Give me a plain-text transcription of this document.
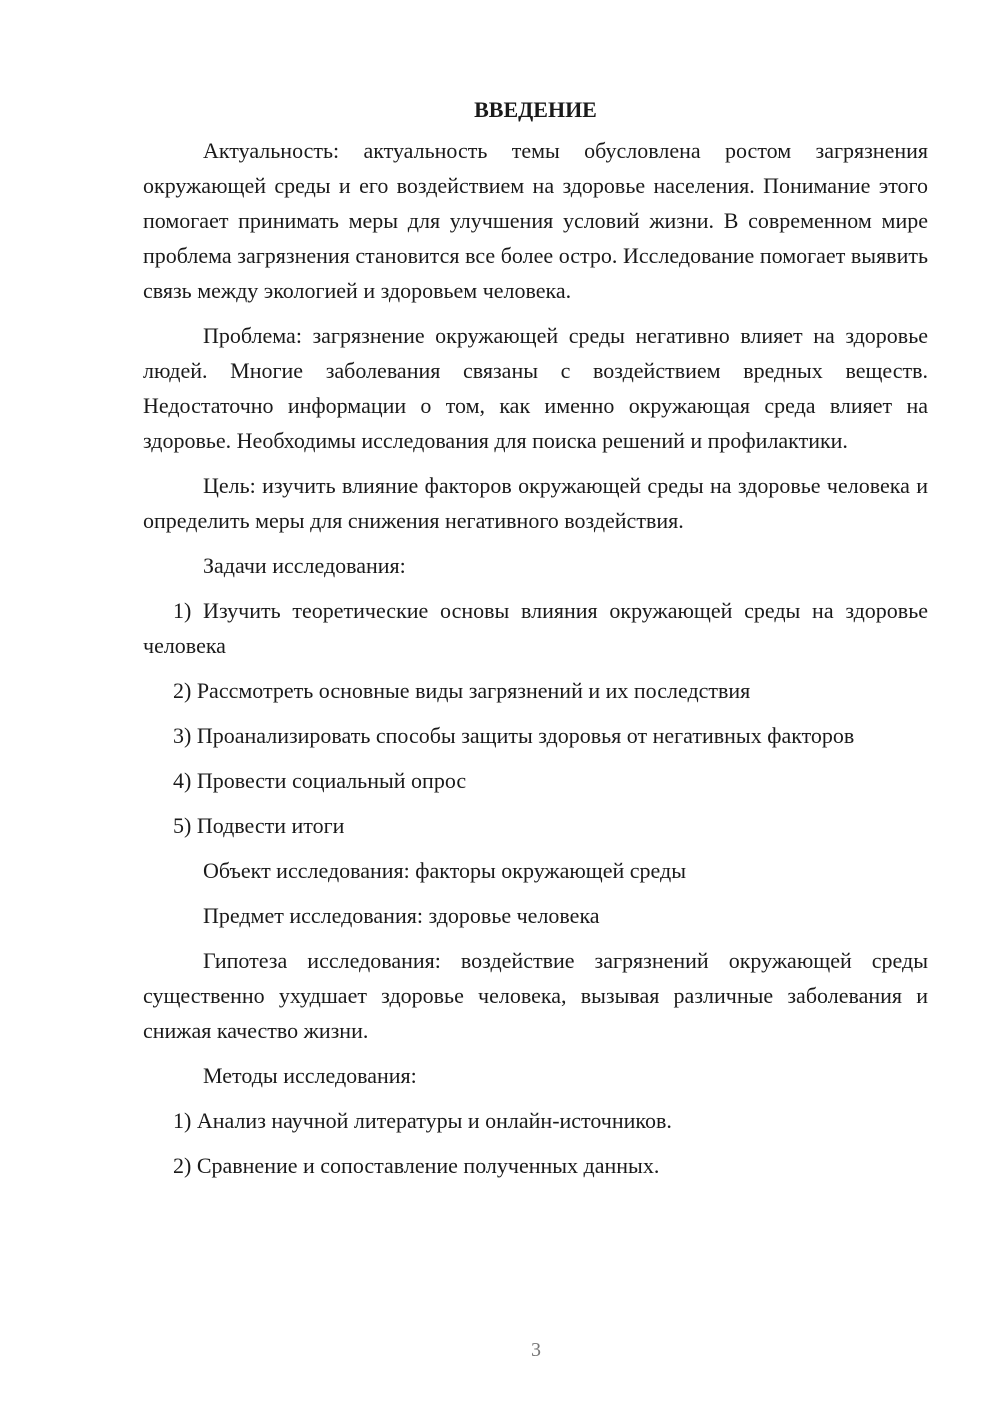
ВВЕДЕНИЕ

Актуальность: актуальность темы обусловлена ростом загрязнения окружающей среды и его воздействием на здоровье населения. Понимание этого помогает принимать меры для улучшения условий жизни. В современном мире проблема загрязнения становится все более остро. Исследование помогает выявить связь между экологией и здоровьем человека.

Проблема: загрязнение окружающей среды негативно влияет на здоровье людей. Многие заболевания связаны с воздействием вредных веществ. Недостаточно информации о том, как именно окружающая среда влияет на здоровье. Необходимы исследования для поиска решений и профилактики.

Цель: изучить влияние факторов окружающей среды на здоровье человека и определить меры для снижения негативного воздействия.

Задачи исследования:

1) Изучить теоретические основы влияния окружающей среды на здоровье человека

2) Рассмотреть основные виды загрязнений и их последствия

3) Проанализировать способы защиты здоровья от негативных факторов

4) Провести социальный опрос

5) Подвести итоги

Объект исследования: факторы окружающей среды

Предмет исследования: здоровье человека

Гипотеза исследования: воздействие загрязнений окружающей среды существенно ухудшает здоровье человека, вызывая различные заболевания и снижая качество жизни.

Методы исследования:

1) Анализ научной литературы и онлайн-источников.

2) Сравнение и сопоставление полученных данных.

3
